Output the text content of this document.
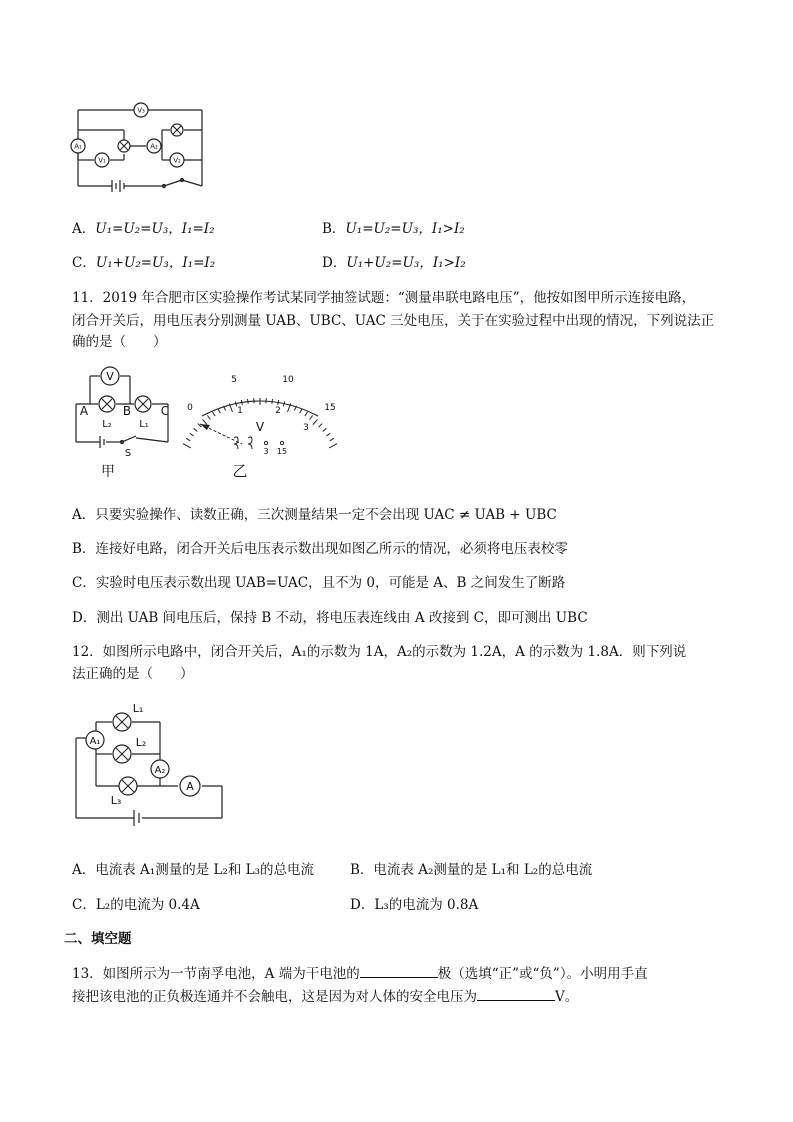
V₃
A₁
V₁
A₂
V₂
A．U₁=U₂=U₃，I₁=I₂	B．U₁=U₂=U₃，I₁>I₂
C．U₁+U₂=U₃，I₁=I₂	D．U₁+U₂=U₃，I₁>I₂
11．2019 年合肥市区实验操作考试某同学抽签试题：“测量串联电路电压”，他按如图甲所示连接电路，
闭合开关后，用电压表分别测量 UAB、UBC、UAC 三处电压，关于在实验过程中出现的情况，下列说法正
确的是（　　）
V
A	B C
L₂	L₁
S
甲
0
5	10
15
1	2
3
V
3 15
乙
A．只要实验操作、读数正确，三次测量结果一定不会出现 UAC ≠ UAB + UBC
B．连接好电路，闭合开关后电压表示数出现如图乙所示的情况，必须将电压表校零
C．实验时电压表示数出现 UAB=UAC，且不为 0，可能是 A、B 之间发生了断路
D．测出 UAB 间电压后，保持 B 不动，将电压表连线由 A 改接到 C，即可测出 UBC
12．如图所示电路中，闭合开关后，A₁的示数为 1A，A₂的示数为 1.2A，A 的示数为 1.8A．则下列说
法正确的是（　　）
L₁
A₁	L₂
A₂
A
L₃
A．电流表 A₁测量的是 L₂和 L₃的总电流	B．电流表 A₂测量的是 L₁和 L₂的总电流
C．L₂的电流为 0.4A	D．L₃的电流为 0.8A
二、填空题
13．如图所示为一节南孚电池，A 端为干电池的	极（选填“正”或“负”）。小明用手直
接把该电池的正负极连通并不会触电，这是因为对人体的安全电压为	V。
